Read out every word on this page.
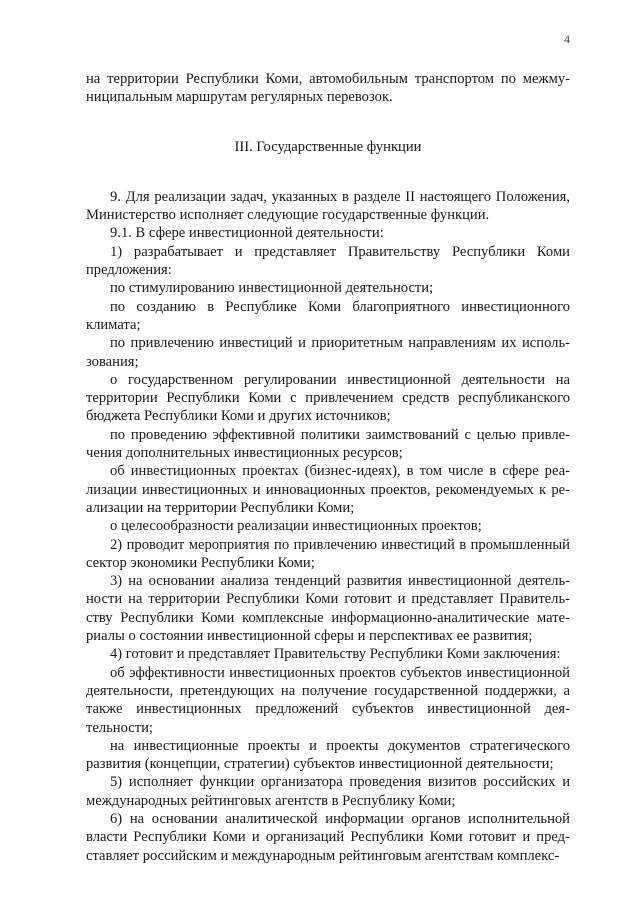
4

на территории Республики Коми, автомобильным транспортом по межмуниципальным маршрутам регулярных перевозок.

III. Государственные функции

9. Для реализации задач, указанных в разделе II настоящего Положения, Министерство исполняет следующие государственные функции.

9.1. В сфере инвестиционной деятельности:

1) разрабатывает и представляет Правительству Республики Коми предложения:

по стимулированию инвестиционной деятельности;

по созданию в Республике Коми благоприятного инвестиционного климата;

по привлечению инвестиций и приоритетным направлениям их использования;

о государственном регулировании инвестиционной деятельности на территории Республики Коми с привлечением средств республиканского бюджета Республики Коми и других источников;

по проведению эффективной политики заимствований с целью привлечения дополнительных инвестиционных ресурсов;

об инвестиционных проектах (бизнес-идеях), в том числе в сфере реализации инвестиционных и инновационных проектов, рекомендуемых к реализации на территории Республики Коми;

о целесообразности реализации инвестиционных проектов;

2) проводит мероприятия по привлечению инвестиций в промышленный сектор экономики Республики Коми;

3) на основании анализа тенденций развития инвестиционной деятельности на территории Республики Коми готовит и представляет Правительству Республики Коми комплексные информационно-аналитические материалы о состоянии инвестиционной сферы и перспективах ее развития;

4) готовит и представляет Правительству Республики Коми заключения:

об эффективности инвестиционных проектов субъектов инвестиционной деятельности, претендующих на получение государственной поддержки, а также инвестиционных предложений субъектов инвестиционной деятельности;

на инвестиционные проекты и проекты документов стратегического развития (концепции, стратегии) субъектов инвестиционной деятельности;

5) исполняет функции организатора проведения визитов российских и международных рейтинговых агентств в Республику Коми;

6) на основании аналитической информации органов исполнительной власти Республики Коми и организаций Республики Коми готовит и представляет российским и международным рейтинговым агентствам комплекс-
